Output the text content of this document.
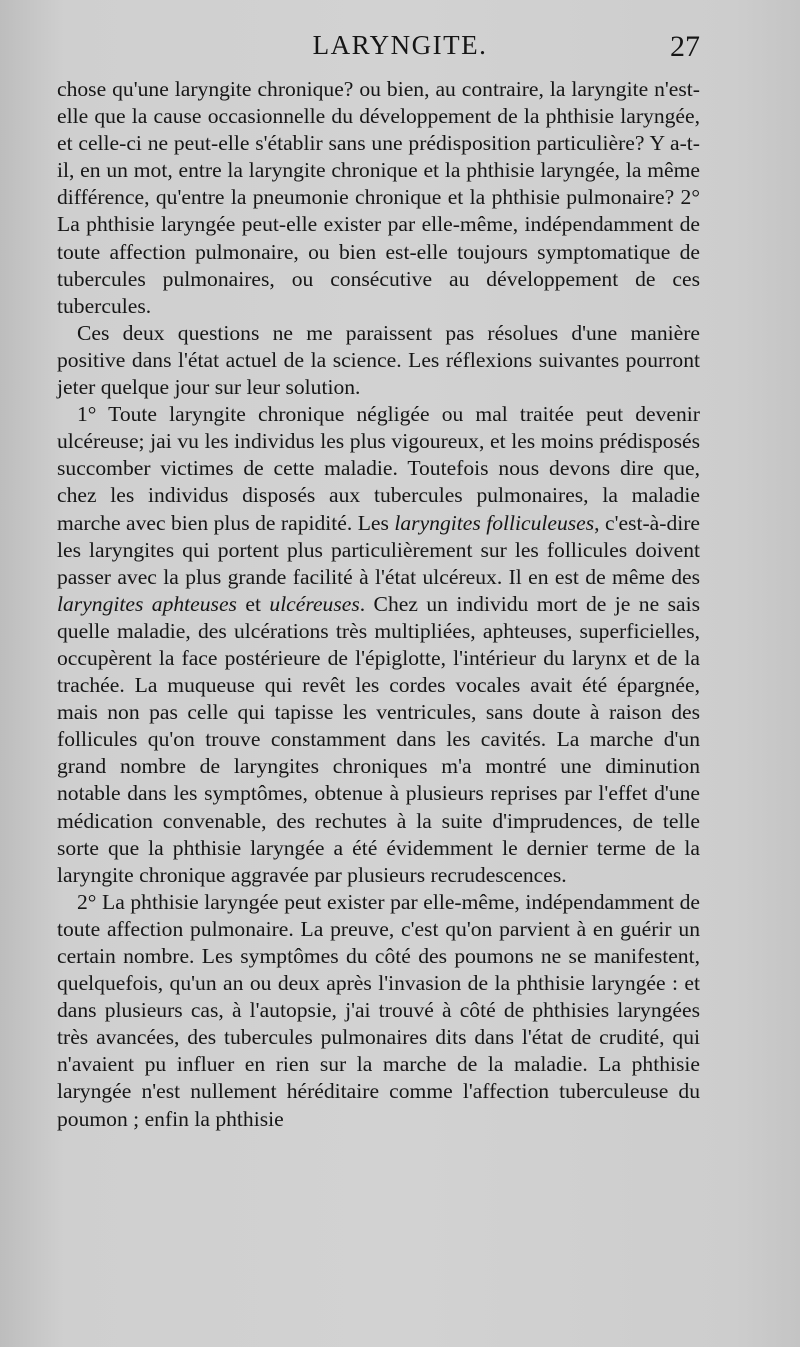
LARYNGITE.	27

chose qu'une laryngite chronique? ou bien, au contraire, la laryngite n'est-elle que la cause occasionnelle du développement de la phthisie laryngée, et celle-ci ne peut-elle s'établir sans une prédisposition particulière? Y a-t-il, en un mot, entre la laryngite chronique et la phthisie laryngée, la même différence, qu'entre la pneumonie chronique et la phthisie pulmonaire? 2° La phthisie laryngée peut-elle exister par elle-même, indépendamment de toute affection pulmonaire, ou bien est-elle toujours symptomatique de tubercules pulmonaires, ou consécutive au développement de ces tubercules.

Ces deux questions ne me paraissent pas résolues d'une manière positive dans l'état actuel de la science. Les réflexions suivantes pourront jeter quelque jour sur leur solution.

1° Toute laryngite chronique négligée ou mal traitée peut devenir ulcéreuse; jai vu les individus les plus vigoureux, et les moins prédisposés succomber victimes de cette maladie. Toutefois nous devons dire que, chez les individus disposés aux tubercules pulmonaires, la maladie marche avec bien plus de rapidité. Les laryngites folliculeuses, c'est-à-dire les laryngites qui portent plus particulièrement sur les follicules doivent passer avec la plus grande facilité à l'état ulcéreux. Il en est de même des laryngites aphteuses et ulcéreuses. Chez un individu mort de je ne sais quelle maladie, des ulcérations très multipliées, aphteuses, superficielles, occupèrent la face postérieure de l'épiglotte, l'intérieur du larynx et de la trachée. La muqueuse qui revêt les cordes vocales avait été épargnée, mais non pas celle qui tapisse les ventricules, sans doute à raison des follicules qu'on trouve constamment dans les cavités. La marche d'un grand nombre de laryngites chroniques m'a montré une diminution notable dans les symptômes, obtenue à plusieurs reprises par l'effet d'une médication convenable, des rechutes à la suite d'imprudences, de telle sorte que la phthisie laryngée a été évidemment le dernier terme de la laryngite chronique aggravée par plusieurs recrudescences.

2° La phthisie laryngée peut exister par elle-même, indépendamment de toute affection pulmonaire. La preuve, c'est qu'on parvient à en guérir un certain nombre. Les symptômes du côté des poumons ne se manifestent, quelquefois, qu'un an ou deux après l'invasion de la phthisie laryngée : et dans plusieurs cas, à l'autopsie, j'ai trouvé à côté de phthisies laryngées très avancées, des tubercules pulmonaires dits dans l'état de crudité, qui n'avaient pu influer en rien sur la marche de la maladie. La phthisie laryngée n'est nullement héréditaire comme l'affection tuberculeuse du poumon ; enfin la phthisie
